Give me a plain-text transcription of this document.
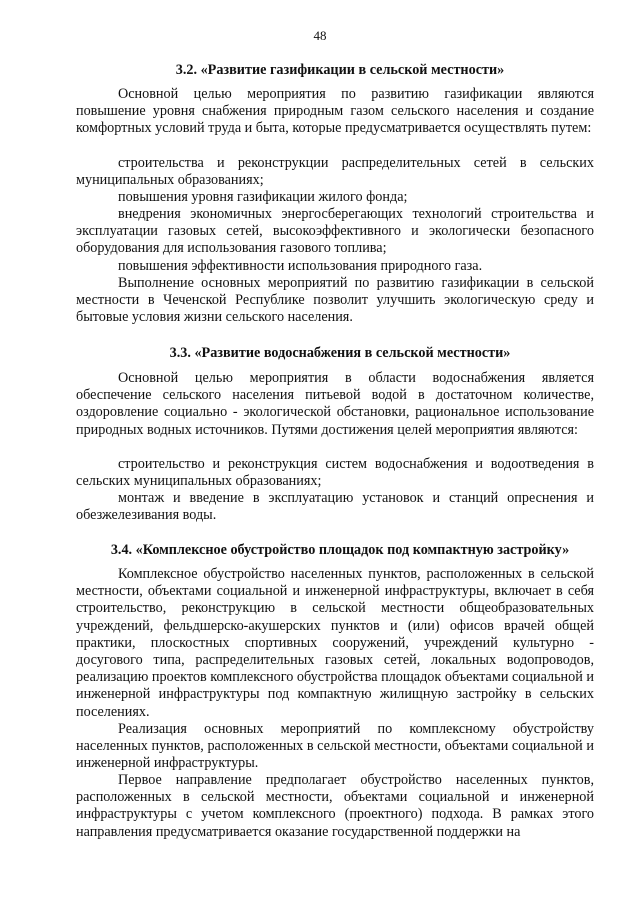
48
3.2. «Развитие газификации в сельской местности»

Основной целью мероприятия по развитию газификации являются повышение уровня снабжения природным газом сельского населения и создание комфортных условий труда и быта, которые предусматривается осуществлять путем:

строительства и реконструкции распределительных сетей в сельских муниципальных образованиях;

повышения уровня газификации жилого фонда;

внедрения экономичных энергосберегающих технологий строительства и эксплуатации газовых сетей, высокоэффективного и экологически безопасного оборудования для использования газового топлива;

повышения эффективности использования природного газа.

Выполнение основных мероприятий по развитию газификации в сельской местности в Чеченской Республике позволит улучшить экологическую среду и бытовые условия жизни сельского населения.

3.3. «Развитие водоснабжения в сельской местности»

Основной целью мероприятия в области водоснабжения является обеспечение сельского населения питьевой водой в достаточном количестве, оздоровление социально - экологической обстановки, рациональное использование природных водных источников. Путями достижения целей мероприятия являются:

строительство и реконструкция систем водоснабжения и водоотведения в сельских муниципальных образованиях;

монтаж и введение в эксплуатацию установок и станций опреснения и обезжелезивания воды.

3.4. «Комплексное обустройство площадок под компактную застройку»

Комплексное обустройство населенных пунктов, расположенных в сельской местности, объектами социальной и инженерной инфраструктуры, включает в себя строительство, реконструкцию в сельской местности общеобразовательных учреждений, фельдшерско-акушерских пунктов и (или) офисов врачей общей практики, плоскостных спортивных сооружений, учреждений культурно - досугового типа, распределительных газовых сетей, локальных водопроводов, реализацию проектов комплексного обустройства площадок объектами социальной и инженерной инфраструктуры под компактную жилищную застройку в сельских поселениях.

Реализация основных мероприятий по комплексному обустройству населенных пунктов, расположенных в сельской местности, объектами социальной и инженерной инфраструктуры.

Первое направление предполагает обустройство населенных пунктов, расположенных в сельской местности, объектами социальной и инженерной инфраструктуры с учетом комплексного (проектного) подхода. В рамках этого направления предусматривается оказание государственной поддержки на
